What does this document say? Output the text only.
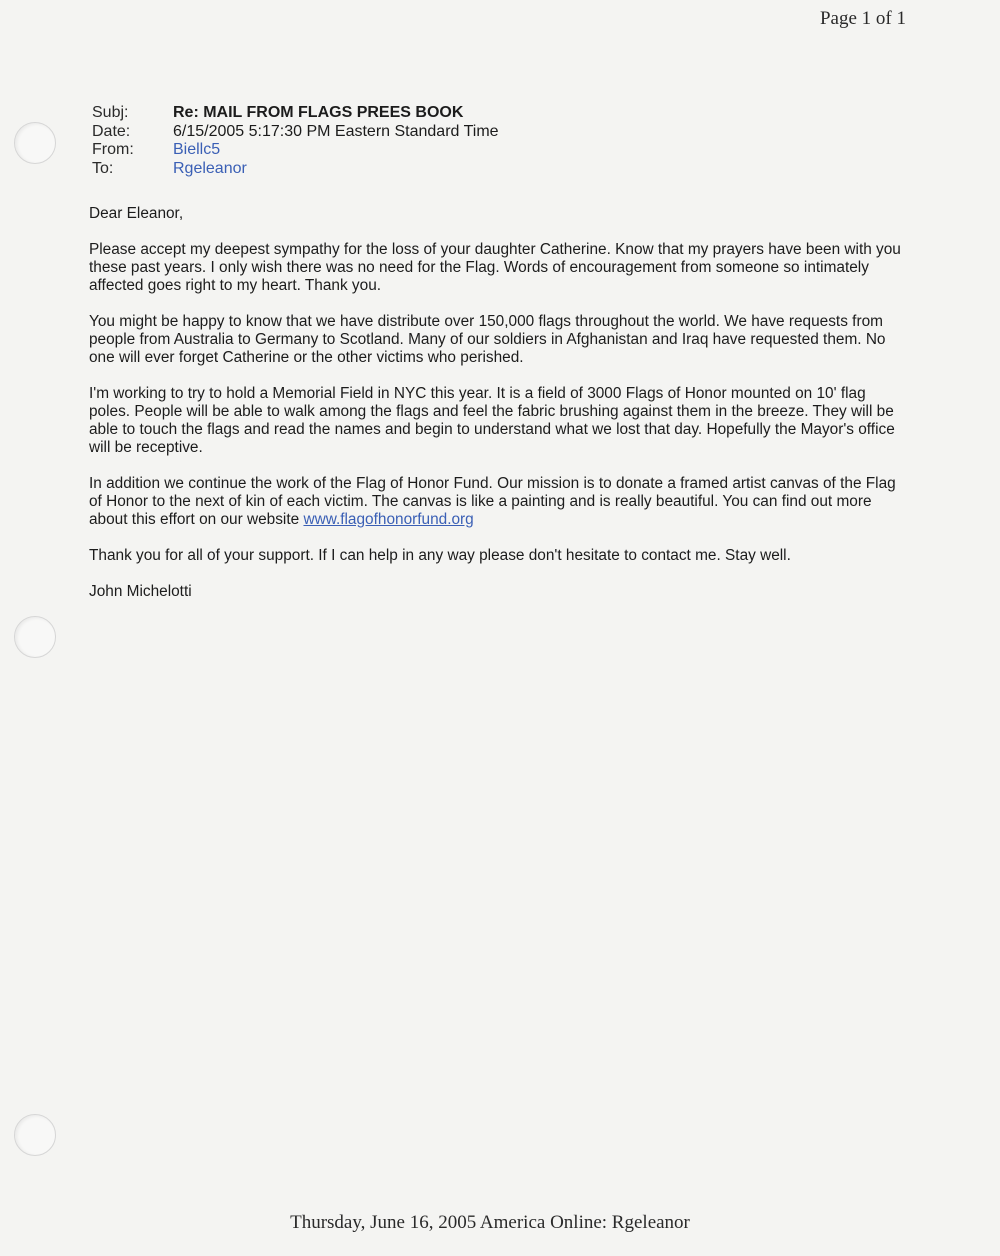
Page 1 of 1
Subj:	Re: MAIL FROM FLAGS PREES BOOK
Date:	6/15/2005 5:17:30 PM Eastern Standard Time
From:	Biellc5
To:	Rgeleanor

Dear Eleanor,

Please accept my deepest sympathy for the loss of your daughter Catherine. Know that my prayers have been with you these past years. I only wish there was no need for the Flag. Words of encouragement from someone so intimately affected goes right to my heart. Thank you.

You might be happy to know that we have distribute over 150,000 flags throughout the world. We have requests from people from Australia to Germany to Scotland. Many of our soldiers in Afghanistan and Iraq have requested them. No one will ever forget Catherine or the other victims who perished.

I'm working to try to hold a Memorial Field in NYC this year. It is a field of 3000 Flags of Honor mounted on 10' flag poles. People will be able to walk among the flags and feel the fabric brushing against them in the breeze. They will be able to touch the flags and read the names and begin to understand what we lost that day. Hopefully the Mayor's office will be receptive.

In addition we continue the work of the Flag of Honor Fund. Our mission is to donate a framed artist canvas of the Flag of Honor to the next of kin of each victim. The canvas is like a painting and is really beautiful. You can find out more about this effort on our website www.flagofhonorfund.org

Thank you for all of your support. If I can help in any way please don't hesitate to contact me. Stay well.

John Michelotti

Thursday, June 16, 2005 America Online: Rgeleanor
